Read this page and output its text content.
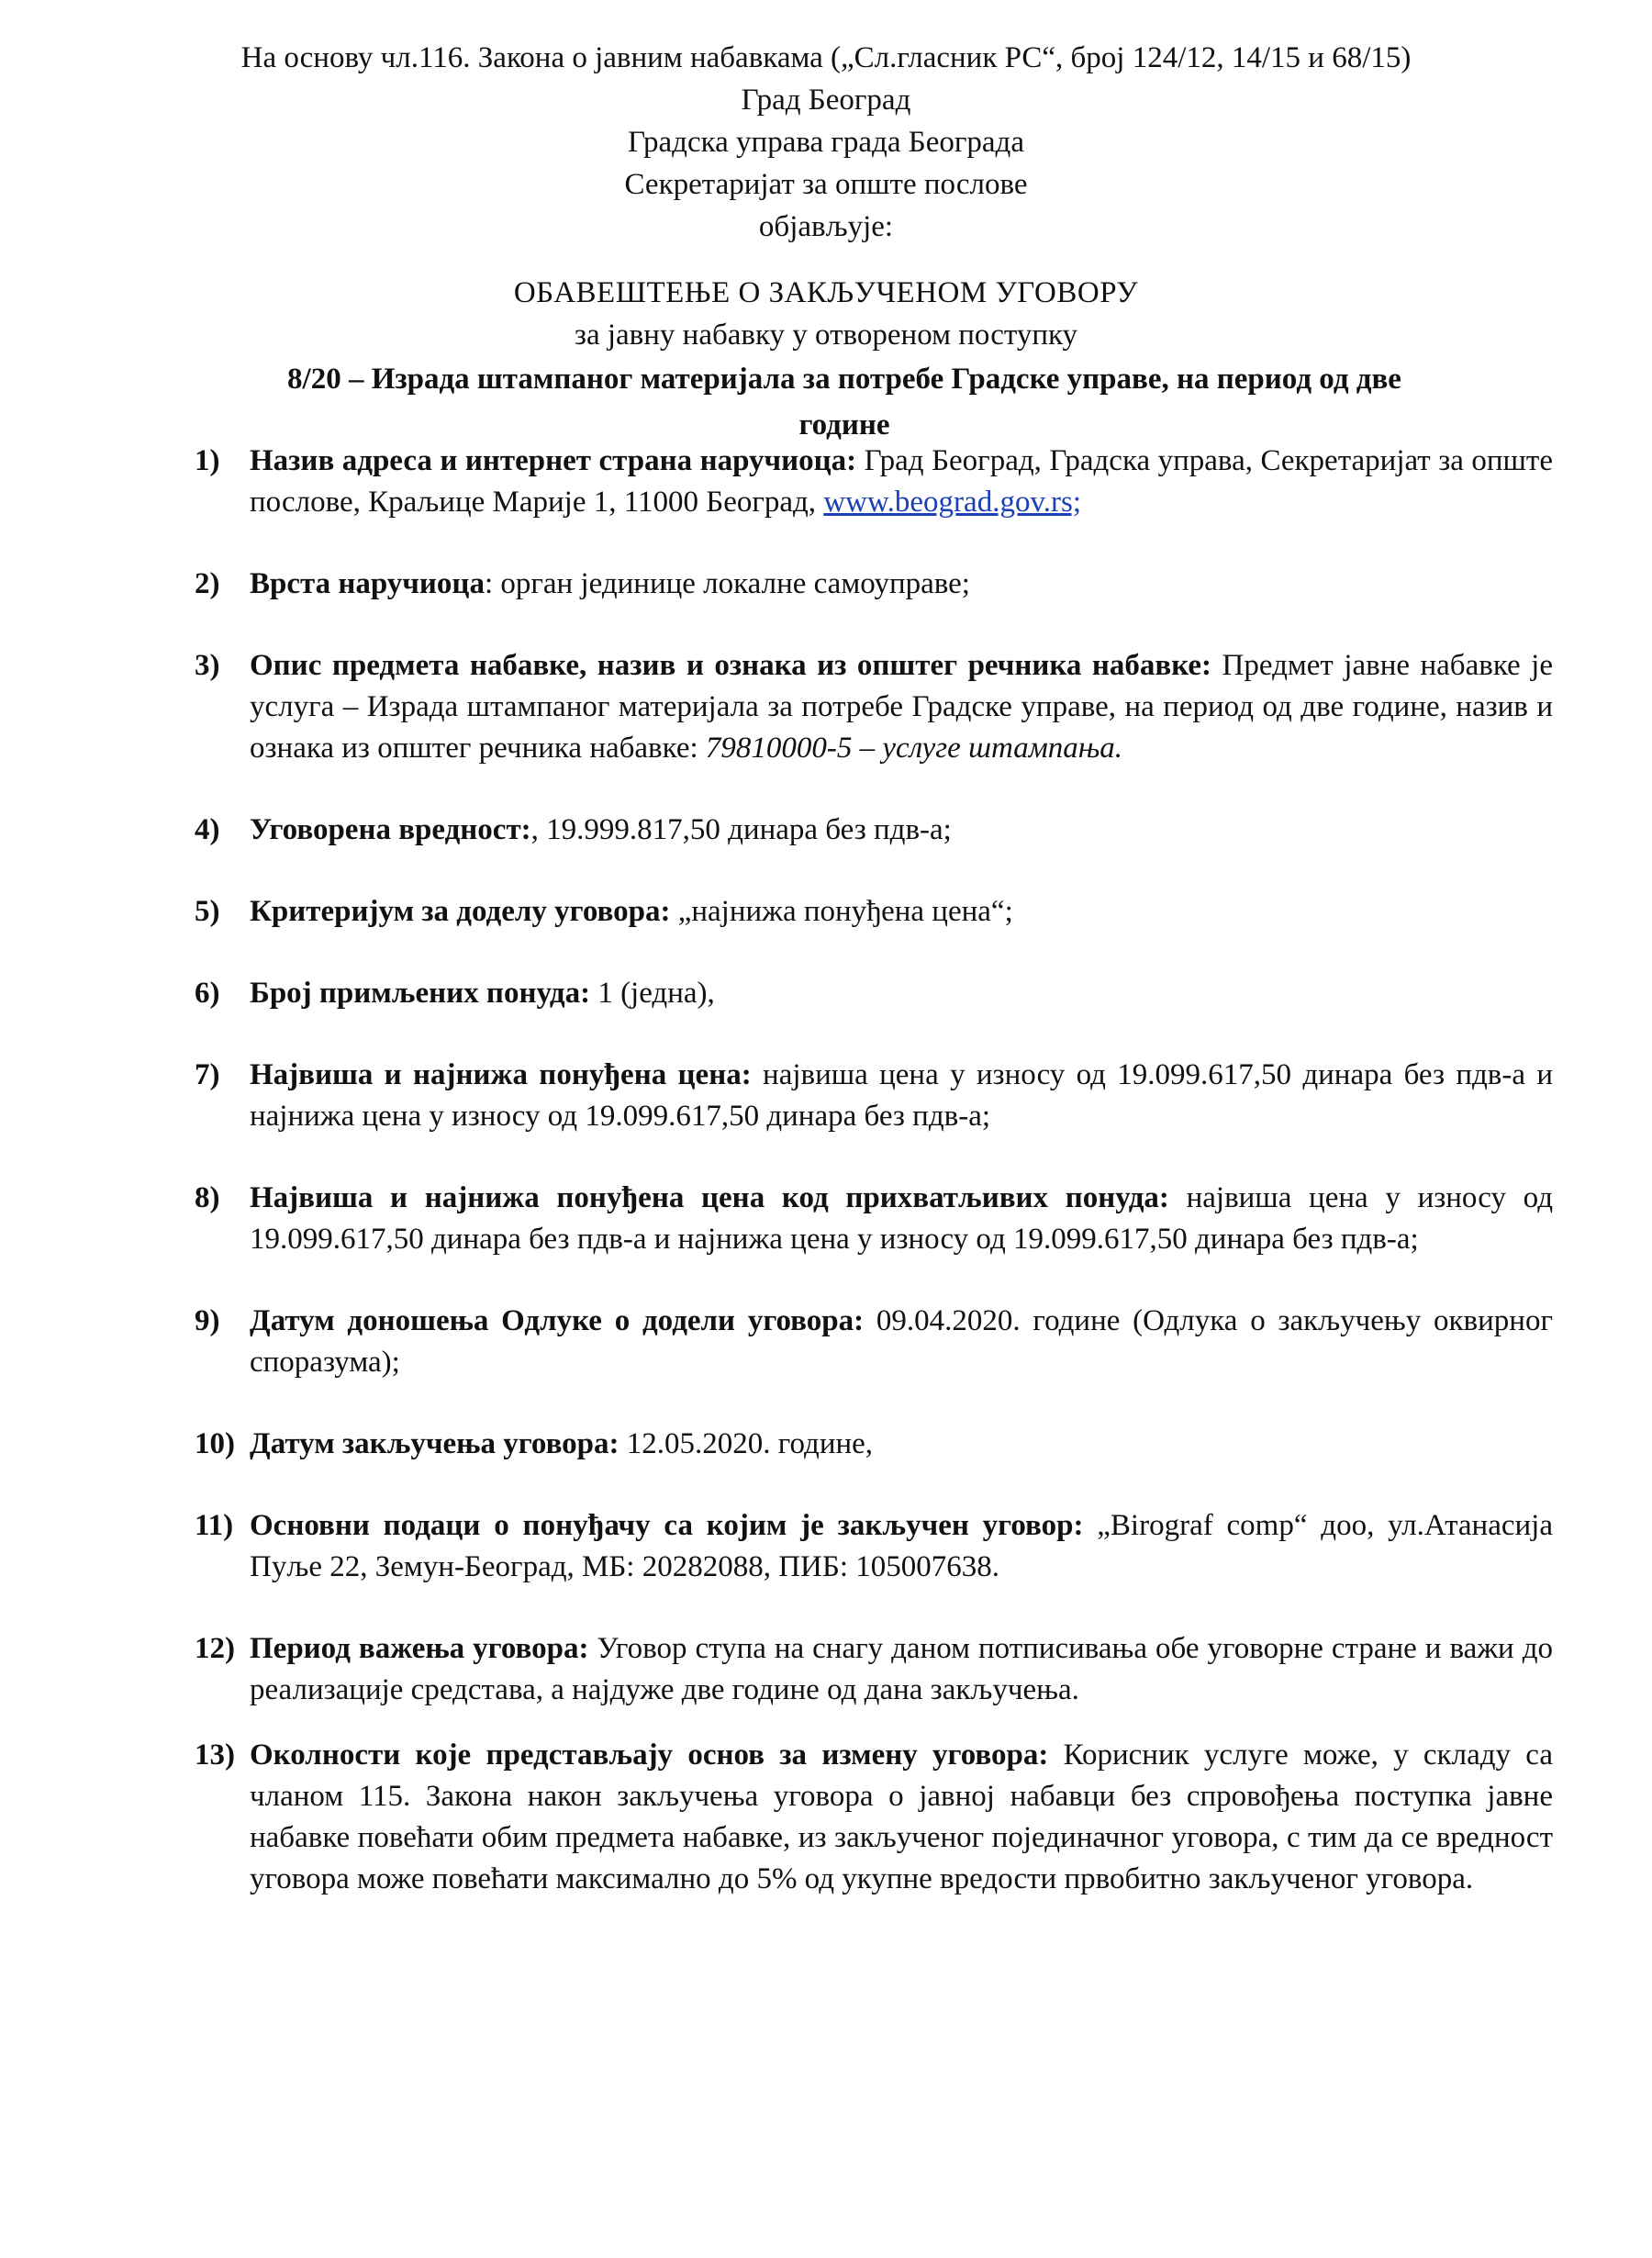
На основу чл.116. Закона о јавним набавкама („Сл.гласник РС“, број 124/12, 14/15 и 68/15)
Град Београд
Градска управа града Београда
Секретаријат за опште послове
објављује:
ОБАВЕШТЕЊЕ О ЗАКЉУЧЕНОМ УГОВОРУ
за јавну набавку у отвореном поступку
8/20 – Израда штампаног материјала за потребе Градске управе, на период од две године
1) Назив адреса и интернет страна наручиоца: Град Београд, Градска управа, Секретаријат за опште послове, Краљице Марије 1, 11000 Београд, www.beograd.gov.rs;
2) Врста наручиоца: орган јединице локалне самоуправе;
3) Опис предмета набавке, назив и ознака из општег речника набавке: Предмет јавне набавке је услуга – Израда штампаног материјала за потребе Градске управе, на период од две године, назив и ознака из општег речника набавке: 79810000-5 – услуге штампања.
4) Уговорена вредност:, 19.999.817,50 динара без пдв-а;
5) Критеријум за доделу уговора: „најнижа понуђена цена“;
6) Број примљених понуда: 1 (једна),
7) Највиша и најнижа понуђена цена: највиша цена у износу од 19.099.617,50 динара без пдв-а и најнижа цена у износу од 19.099.617,50 динара без пдв-а;
8) Највиша и најнижа понуђена цена код прихватљивих понуда: највиша цена у износу од 19.099.617,50 динара без пдв-а и најнижа цена у износу од 19.099.617,50 динара без пдв-а;
9) Датум доношења Одлуке о додели уговора: 09.04.2020. године (Одлука о закључењу оквирног споразума);
10) Датум закључења уговора: 12.05.2020. године,
11) Основни подаци о понуђачу са којим је закључен уговор: „Birograf comp“ доо, ул.Атанасија Пуље 22, Земун-Београд, МБ: 20282088, ПИБ: 105007638.
12) Период важења уговора: Уговор ступа на снагу даном потписивања обе уговорне стране и важи до реализације средстава, а најдуже две године од дана закључења.
13) Околности које представљају основ за измену уговора: Корисник услуге може, у складу са чланом 115. Закона након закључења уговора о јавној набавци без спровођења поступка јавне набавке повећати обим предмета набавке, из закљученог појединачног уговора, с тим да се вредност уговора може повећати максимално до 5% од укупне вредости првобитно закљученог уговора.
